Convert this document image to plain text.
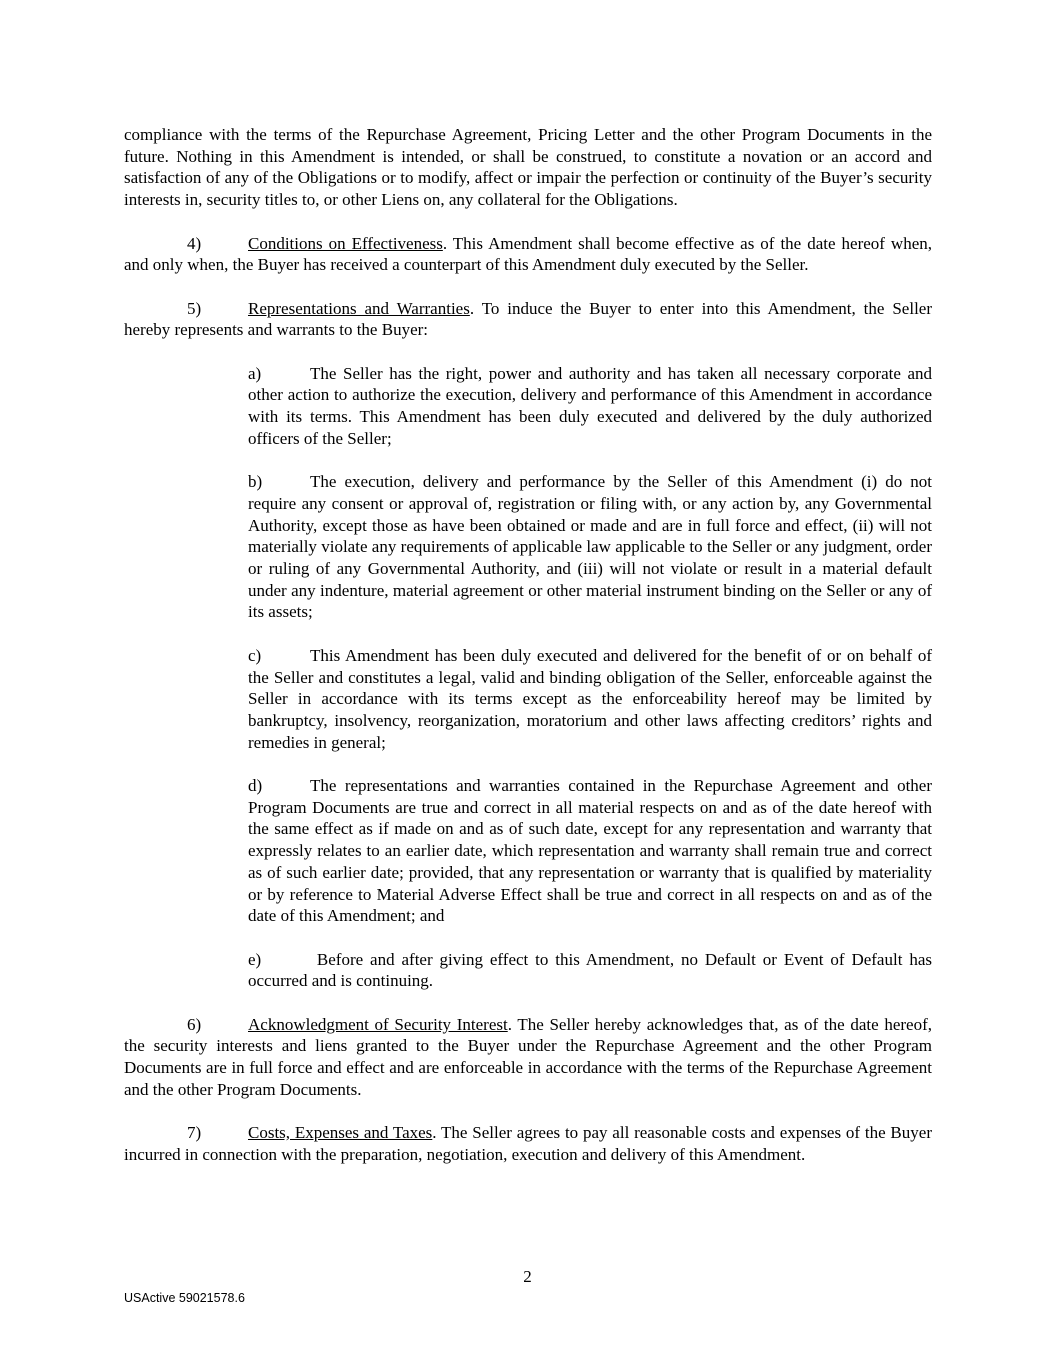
compliance with the terms of the Repurchase Agreement, Pricing Letter and the other Program Documents in the future. Nothing in this Amendment is intended, or shall be construed, to constitute a novation or an accord and satisfaction of any of the Obligations or to modify, affect or impair the perfection or continuity of the Buyer’s security interests in, security titles to, or other Liens on, any collateral for the Obligations.

4)	Conditions on Effectiveness. This Amendment shall become effective as of the date hereof when, and only when, the Buyer has received a counterpart of this Amendment duly executed by the Seller.

5)	Representations and Warranties. To induce the Buyer to enter into this Amendment, the Seller hereby represents and warrants to the Buyer:

a)	The Seller has the right, power and authority and has taken all necessary corporate and other action to authorize the execution, delivery and performance of this Amendment in accordance with its terms. This Amendment has been duly executed and delivered by the duly authorized officers of the Seller;

b)	The execution, delivery and performance by the Seller of this Amendment (i) do not require any consent or approval of, registration or filing with, or any action by, any Governmental Authority, except those as have been obtained or made and are in full force and effect, (ii) will not materially violate any requirements of applicable law applicable to the Seller or any judgment, order or ruling of any Governmental Authority, and (iii) will not violate or result in a material default under any indenture, material agreement or other material instrument binding on the Seller or any of its assets;

c)	This Amendment has been duly executed and delivered for the benefit of or on behalf of the Seller and constitutes a legal, valid and binding obligation of the Seller, enforceable against the Seller in accordance with its terms except as the enforceability hereof may be limited by bankruptcy, insolvency, reorganization, moratorium and other laws affecting creditors’ rights and remedies in general;

d)	The representations and warranties contained in the Repurchase Agreement and other Program Documents are true and correct in all material respects on and as of the date hereof with the same effect as if made on and as of such date, except for any representation and warranty that expressly relates to an earlier date, which representation and warranty shall remain true and correct as of such earlier date; provided, that any representation or warranty that is qualified by materiality or by reference to Material Adverse Effect shall be true and correct in all respects on and as of the date of this Amendment; and

e)	Before and after giving effect to this Amendment, no Default or Event of Default has occurred and is continuing.

6)	Acknowledgment of Security Interest. The Seller hereby acknowledges that, as of the date hereof, the security interests and liens granted to the Buyer under the Repurchase Agreement and the other Program Documents are in full force and effect and are enforceable in accordance with the terms of the Repurchase Agreement and the other Program Documents.

7)	Costs, Expenses and Taxes. The Seller agrees to pay all reasonable costs and expenses of the Buyer incurred in connection with the preparation, negotiation, execution and delivery of this Amendment.

2
USActive 59021578.6
